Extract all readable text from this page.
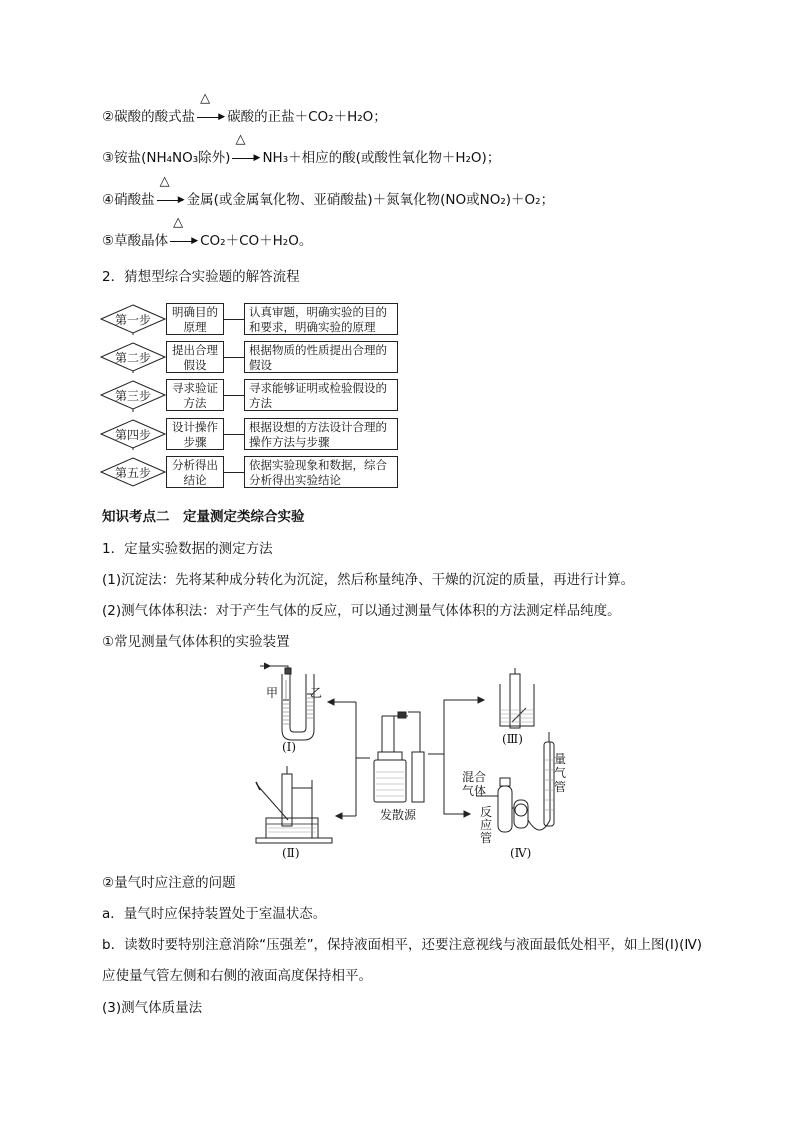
②碳酸的酸式盐
△
▶ 碳酸的正盐＋CO₂＋H₂O；
③铵盐(NH₄NO₃除外)
△
▶ NH₃＋相应的酸(或酸性氧化物＋H₂O)；
④硝酸盐
△
▶ 金属(或金属氧化物、亚硝酸盐)＋氮氧化物(NO或NO₂)＋O₂；
⑤草酸晶体
△
▶ CO₂＋CO＋H₂O。
2．猜想型综合实验题的解答流程
第一步
明确目的原理
认真审题，明确实验的目的和要求，明确实验的原理
第二步
提出合理假设
根据物质的性质提出合理的假设
第三步
寻求验证方法
寻求能够证明或检验假设的方法
第四步
设计操作步骤
根据设想的方法设计合理的操作方法与步骤
第五步
分析得出结论
依据实验现象和数据，综合分析得出实验结论
知识考点二　定量测定类综合实验
1．定量实验数据的测定方法
(1)沉淀法：先将某种成分转化为沉淀，然后称量纯净、干燥的沉淀的质量，再进行计算。
(2)测气体体积法：对于产生气体的反应，可以通过测量气体体积的方法测定样品纯度。
①常见测量气体体积的实验装置
甲	乙
(Ⅰ)
(Ⅱ)
(Ⅲ)
(Ⅳ)
发散源
混合气体
反应管
量气管
②量气时应注意的问题
a．量气时应保持装置处于室温状态。
b．读数时要特别注意消除“压强差”，保持液面相平，还要注意视线与液面最低处相平，如上图(Ⅰ)(Ⅳ)
应使量气管左侧和右侧的液面高度保持相平。
(3)测气体质量法
